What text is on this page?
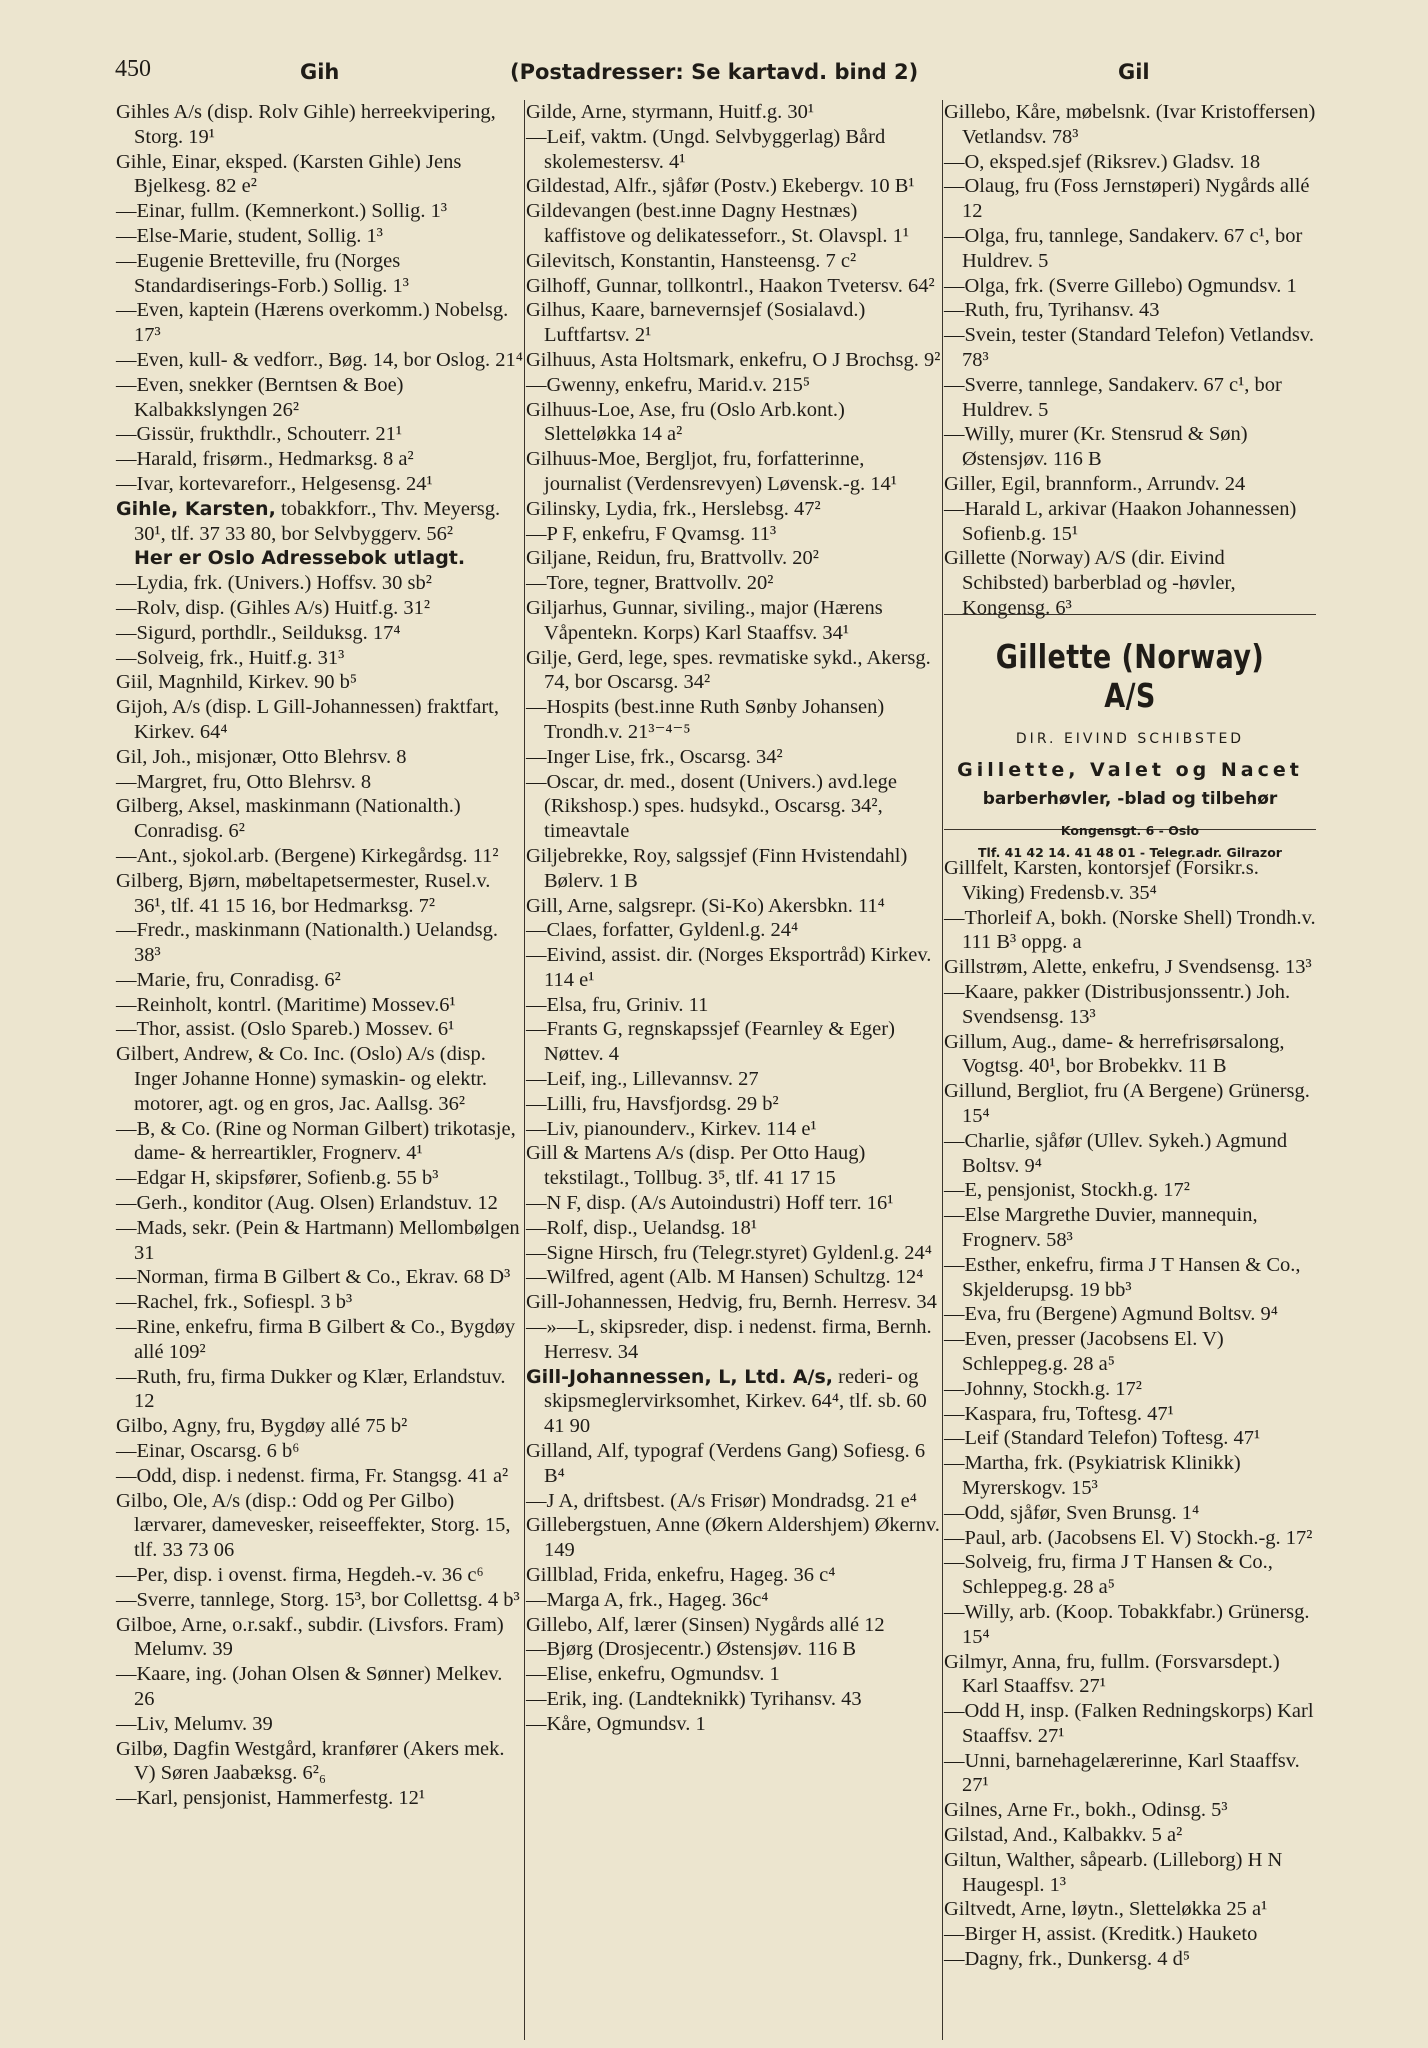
450	Gih	(Postadresser: Se kartavd. bind 2)	Gil

Gihles A/s (disp. Rolv Gihle) herreekvipering, Storg. 19¹

Gihle, Einar, eksped. (Karsten Gihle) Jens Bjelkesg. 82 e²

—Einar, fullm. (Kemnerkont.) Sollig. 1³

—Else-Marie, student, Sollig. 1³

—Eugenie Bretteville, fru (Norges Standardiserings-Forb.) Sollig. 1³

—Even, kaptein (Hærens overkomm.) Nobelsg. 17³

—Even, kull- & vedforr., Bøg. 14, bor Oslog. 21⁴

—Even, snekker (Berntsen & Boe) Kalbakkslyngen 26²

—Gissür, frukthdlr., Schouterr. 21¹

—Harald, frisørm., Hedmarksg. 8 a²

—Ivar, kortevareforr., Helgesensg. 24¹

Gihle, Karsten, tobakkforr., Thv. Meyersg. 30¹, tlf. 37 33 80, bor Selvbyggerv. 56²

Her er Oslo Adressebok utlagt.

—Lydia, frk. (Univers.) Hoffsv. 30 sb²

—Rolv, disp. (Gihles A/s) Huitf.g. 31²

—Sigurd, porthdlr., Seilduksg. 17⁴

—Solveig, frk., Huitf.g. 31³

Giil, Magnhild, Kirkev. 90 b⁵

Gijoh, A/s (disp. L Gill-Johannessen) fraktfart, Kirkev. 64⁴

Gil, Joh., misjonær, Otto Blehrsv. 8

—Margret, fru, Otto Blehrsv. 8

Gilberg, Aksel, maskinmann (Nationalth.) Conradisg. 6²

—Ant., sjokol.arb. (Bergene) Kirkegårdsg. 11²

Gilberg, Bjørn, møbeltapetsermester, Rusel.v. 36¹, tlf. 41 15 16, bor Hedmarksg. 7²

—Fredr., maskinmann (Nationalth.) Uelandsg. 38³

—Marie, fru, Conradisg. 6²

—Reinholt, kontrl. (Maritime) Mossev.6¹

—Thor, assist. (Oslo Spareb.) Mossev. 6¹

Gilbert, Andrew, & Co. Inc. (Oslo) A/s (disp. Inger Johanne Honne) symaskin- og elektr. motorer, agt. og en gros, Jac. Aallsg. 36²

—B, & Co. (Rine og Norman Gilbert) trikotasje, dame- & herreartikler, Frognerv. 4¹

—Edgar H, skipsfører, Sofienb.g. 55 b³

—Gerh., konditor (Aug. Olsen) Erlandstuv. 12

—Mads, sekr. (Pein & Hartmann) Mellombølgen 31

—Norman, firma B Gilbert & Co., Ekrav. 68 D³

—Rachel, frk., Sofiespl. 3 b³

—Rine, enkefru, firma B Gilbert & Co., Bygdøy allé 109²

—Ruth, fru, firma Dukker og Klær, Erlandstuv. 12

Gilbo, Agny, fru, Bygdøy allé 75 b²

—Einar, Oscarsg. 6 b⁶

—Odd, disp. i nedenst. firma, Fr. Stangsg. 41 a²

Gilbo, Ole, A/s (disp.: Odd og Per Gilbo) lærvarer, damevesker, reiseeffekter, Storg. 15, tlf. 33 73 06

—Per, disp. i ovenst. firma, Hegdeh.-v. 36 c⁶

—Sverre, tannlege, Storg. 15³, bor Collettsg. 4 b³

Gilboe, Arne, o.r.sakf., subdir. (Livsfors. Fram) Melumv. 39

—Kaare, ing. (Johan Olsen & Sønner) Melkev. 26

—Liv, Melumv. 39

Gilbø, Dagfin Westgård, kranfører (Akers mek. V) Søren Jaabæksg. 6²₆

—Karl, pensjonist, Hammerfestg. 12¹

Gilde, Arne, styrmann, Huitf.g. 30¹

—Leif, vaktm. (Ungd. Selvbyggerlag) Bård skolemestersv. 4¹

Gildestad, Alfr., sjåfør (Postv.) Ekebergv. 10 B¹

Gildevangen (best.inne Dagny Hestnæs) kaffistove og delikatesseforr., St. Olavspl. 1¹

Gilevitsch, Konstantin, Hansteensg. 7 c²

Gilhoff, Gunnar, tollkontrl., Haakon Tvetersv. 64²

Gilhus, Kaare, barnevernsjef (Sosialavd.) Luftfartsv. 2¹

Gilhuus, Asta Holtsmark, enkefru, O J Brochsg. 9²

—Gwenny, enkefru, Marid.v. 215⁵

Gilhuus-Loe, Ase, fru (Oslo Arb.kont.) Sletteløkka 14 a²

Gilhuus-Moe, Bergljot, fru, forfatterinne, journalist (Verdensrevyen) Løvensk.-g. 14¹

Gilinsky, Lydia, frk., Herslebsg. 47²

—P F, enkefru, F Qvamsg. 11³

Giljane, Reidun, fru, Brattvollv. 20²

—Tore, tegner, Brattvollv. 20²

Giljarhus, Gunnar, siviling., major (Hærens Våpentekn. Korps) Karl Staaffsv. 34¹

Gilje, Gerd, lege, spes. revmatiske sykd., Akersg. 74, bor Oscarsg. 34²

—Hospits (best.inne Ruth Sønby Johansen) Trondh.v. 21³⁻⁴⁻⁵

—Inger Lise, frk., Oscarsg. 34²

—Oscar, dr. med., dosent (Univers.) avd.lege (Rikshosp.) spes. hudsykd., Oscarsg. 34², timeavtale

Giljebrekke, Roy, salgssjef (Finn Hvistendahl) Bølerv. 1 B

Gill, Arne, salgsrepr. (Si-Ko) Akersbkn. 11⁴

—Claes, forfatter, Gyldenl.g. 24⁴

—Eivind, assist. dir. (Norges Eksportråd) Kirkev. 114 e¹

—Elsa, fru, Griniv. 11

—Frants G, regnskapssjef (Fearnley & Eger) Nøttev. 4

—Leif, ing., Lillevannsv. 27

—Lilli, fru, Havsfjordsg. 29 b²

—Liv, pianounderv., Kirkev. 114 e¹

Gill & Martens A/s (disp. Per Otto Haug) tekstilagt., Tollbug. 3⁵, tlf. 41 17 15

—N F, disp. (A/s Autoindustri) Hoff terr. 16¹

—Rolf, disp., Uelandsg. 18¹

—Signe Hirsch, fru (Telegr.styret) Gyldenl.g. 24⁴

—Wilfred, agent (Alb. M Hansen) Schultzg. 12⁴

Gill-Johannessen, Hedvig, fru, Bernh. Herresv. 34

—»—L, skipsreder, disp. i nedenst. firma, Bernh. Herresv. 34

Gill-Johannessen, L, Ltd. A/s, rederi- og skipsmeglervirksomhet, Kirkev. 64⁴, tlf. sb. 60 41 90

Gilland, Alf, typograf (Verdens Gang) Sofiesg. 6 B⁴

—J A, driftsbest. (A/s Frisør) Mondradsg. 21 e⁴

Gillebergstuen, Anne (Økern Aldershjem) Økernv. 149

Gillblad, Frida, enkefru, Hageg. 36 c⁴

—Marga A, frk., Hageg. 36c⁴

Gillebo, Alf, lærer (Sinsen) Nygårds allé 12

—Bjørg (Drosjecentr.) Østensjøv. 116 B

—Elise, enkefru, Ogmundsv. 1

—Erik, ing. (Landteknikk) Tyrihansv. 43

—Kåre, Ogmundsv. 1

Gillebo, Kåre, møbelsnk. (Ivar Kristoffersen) Vetlandsv. 78³

—O, eksped.sjef (Riksrev.) Gladsv. 18

—Olaug, fru (Foss Jernstøperi) Nygårds allé 12

—Olga, fru, tannlege, Sandakerv. 67 c¹, bor Huldrev. 5

—Olga, frk. (Sverre Gillebo) Ogmundsv. 1

—Ruth, fru, Tyrihansv. 43

—Svein, tester (Standard Telefon) Vetlandsv. 78³

—Sverre, tannlege, Sandakerv. 67 c¹, bor Huldrev. 5

—Willy, murer (Kr. Stensrud & Søn) Østensjøv. 116 B

Giller, Egil, brannform., Arrundv. 24

—Harald L, arkivar (Haakon Johannessen) Sofienb.g. 15¹

Gillette (Norway) A/S (dir. Eivind Schibsted) barberblad og -høvler, Kongensg. 6³

Gillette (Norway) A/S
DIR. EIVIND SCHIBSTED
Gillette, Valet og Nacet
barberhøvler, -blad og tilbehør
Kongensgt. 6 - Oslo
Tlf. 41 42 14. 41 48 01 - Telegr.adr. Gilrazor

Gillfelt, Karsten, kontorsjef (Forsikr.s. Viking) Fredensb.v. 35⁴

—Thorleif A, bokh. (Norske Shell) Trondh.v. 111 B³ oppg. a

Gillstrøm, Alette, enkefru, J Svendsensg. 13³

—Kaare, pakker (Distribusjonssentr.) Joh. Svendsensg. 13³

Gillum, Aug., dame- & herrefrisørsalong, Vogtsg. 40¹, bor Brobekkv. 11 B

Gillund, Bergliot, fru (A Bergene) Grünersg. 15⁴

—Charlie, sjåfør (Ullev. Sykeh.) Agmund Boltsv. 9⁴

—E, pensjonist, Stockh.g. 17²

—Else Margrethe Duvier, mannequin, Frognerv. 58³

—Esther, enkefru, firma J T Hansen & Co., Skjelderupsg. 19 bb³

—Eva, fru (Bergene) Agmund Boltsv. 9⁴

—Even, presser (Jacobsens El. V) Schleppeg.g. 28 a⁵

—Johnny, Stockh.g. 17²

—Kaspara, fru, Toftesg. 47¹

—Leif (Standard Telefon) Toftesg. 47¹

—Martha, frk. (Psykiatrisk Klinikk) Myrerskogv. 15³

—Odd, sjåfør, Sven Brunsg. 1⁴

—Paul, arb. (Jacobsens El. V) Stockh.-g. 17²

—Solveig, fru, firma J T Hansen & Co., Schleppeg.g. 28 a⁵

—Willy, arb. (Koop. Tobakkfabr.) Grünersg. 15⁴

Gilmyr, Anna, fru, fullm. (Forsvarsdept.) Karl Staaffsv. 27¹

—Odd H, insp. (Falken Redningskorps) Karl Staaffsv. 27¹

—Unni, barnehagelærerinne, Karl Staaffsv. 27¹

Gilnes, Arne Fr., bokh., Odinsg. 5³

Gilstad, And., Kalbakkv. 5 a²

Giltun, Walther, såpearb. (Lilleborg) H N Haugespl. 1³

Giltvedt, Arne, løytn., Sletteløkka 25 a¹

—Birger H, assist. (Kreditk.) Hauketo

—Dagny, frk., Dunkersg. 4 d⁵
